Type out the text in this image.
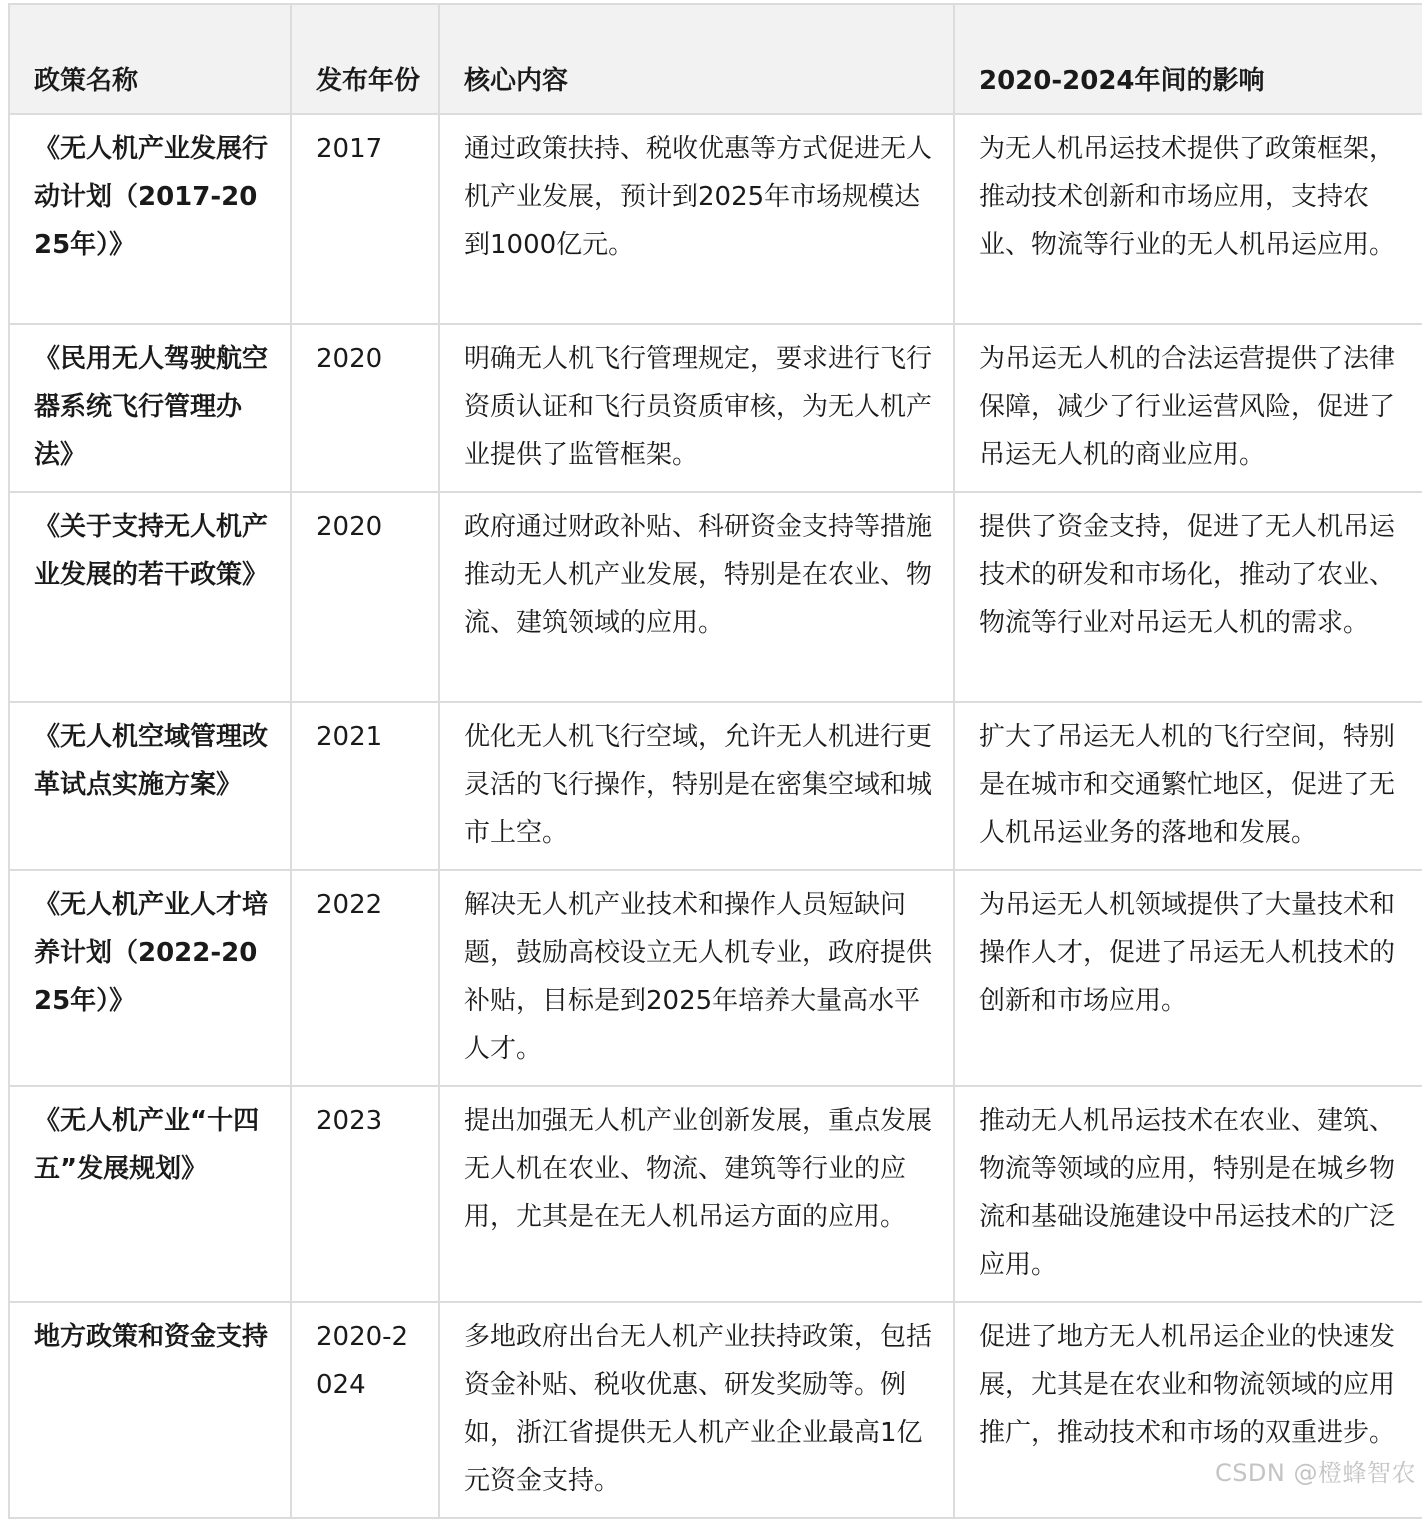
政策名称	发布年份	核心内容	2020-2024年间的影响
《无人机产业发展行动计划（2017-2025年）》	2017	通过政策扶持、税收优惠等方式促进无人机产业发展，预计到2025年市场规模达到1000亿元。	为无人机吊运技术提供了政策框架，推动技术创新和市场应用，支持农业、物流等行业的无人机吊运应用。
《民用无人驾驶航空器系统飞行管理办法》	2020	明确无人机飞行管理规定，要求进行飞行资质认证和飞行员资质审核，为无人机产业提供了监管框架。	为吊运无人机的合法运营提供了法律保障，减少了行业运营风险，促进了吊运无人机的商业应用。
《关于支持无人机产业发展的若干政策》	2020	政府通过财政补贴、科研资金支持等措施推动无人机产业发展，特别是在农业、物流、建筑领域的应用。	提供了资金支持，促进了无人机吊运技术的研发和市场化，推动了农业、物流等行业对吊运无人机的需求。
《无人机空域管理改革试点实施方案》	2021	优化无人机飞行空域，允许无人机进行更灵活的飞行操作，特别是在密集空域和城市上空。	扩大了吊运无人机的飞行空间，特别是在城市和交通繁忙地区，促进了无人机吊运业务的落地和发展。
《无人机产业人才培养计划（2022-2025年）》	2022	解决无人机产业技术和操作人员短缺问题，鼓励高校设立无人机专业，政府提供补贴，目标是到2025年培养大量高水平人才。	为吊运无人机领域提供了大量技术和操作人才，促进了吊运无人机技术的创新和市场应用。
《无人机产业“十四五”发展规划》	2023	提出加强无人机产业创新发展，重点发展无人机在农业、物流、建筑等行业的应用，尤其是在无人机吊运方面的应用。	推动无人机吊运技术在农业、建筑、物流等领域的应用，特别是在城乡物流和基础设施建设中吊运技术的广泛应用。
地方政策和资金支持	2020-2024	多地政府出台无人机产业扶持政策，包括资金补贴、税收优惠、研发奖励等。例如，浙江省提供无人机产业企业最高1亿元资金支持。	促进了地方无人机吊运企业的快速发展，尤其是在农业和物流领域的应用推广，推动技术和市场的双重进步。
CSDN @橙蜂智农
